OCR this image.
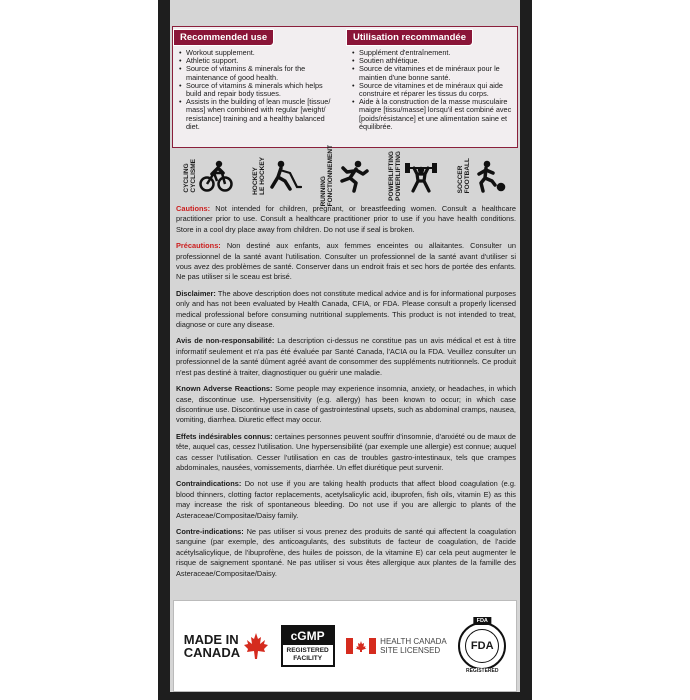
Recommended use
• Workout supplement.
• Athletic support.
• Source of vitamins & minerals for the maintenance of good health.
• Source of vitamins & minerals which helps build and repair body tissues.
• Assists in the building of lean muscle [tissue/ mass] when combined with regular [weight/ resistance] training and a healthy balanced diet.
Utilisation recommandée
• Supplément d'entraînement.
• Soutien athlétique.
• Source de vitamines et de minéraux pour le maintien d'une bonne santé.
• Source de vitamines et de minéraux qui aide construire et réparer les tissus du corps.
• Aide à la construction de la masse musculaire maigre [tissu/masse] lorsqu'il est combiné avec [poids/résistance] et une alimentation saine et équilibrée.
CYCLING
CYCLISME	HOCKEY
LE HOCKEY	RUNNING
FONCTIONNEMENT	POWERLIFTING
POWERLIFTING	SOCCER
FOOTBALL

Cautions: Not intended for children, pregnant, or breastfeeding women. Consult a healthcare practitioner prior to use. Consult a healthcare practitioner prior to use if you have health conditions. Store in a cool dry place away from children. Do not use if seal is broken.

Précautions: Non destiné aux enfants, aux femmes enceintes ou allaitantes. Consulter un professionnel de la santé avant l'utilisation. Consulter un professionnel de la santé avant d'utiliser si vous avez des problèmes de santé. Conserver dans un endroit frais et sec hors de portée des enfants. Ne pas utiliser si le sceau est brisé.

Disclaimer: The above description does not constitute medical advice and is for informational purposes only and has not been evaluated by Health Canada, CFIA, or FDA. Please consult a properly licensed medical professional before consuming nutritional supplements. This product is not intended to treat, diagnose or cure any disease.

Avis de non-responsabilité: La description ci-dessus ne constitue pas un avis médical et est à titre informatif seulement et n'a pas été évaluée par Santé Canada, l'ACIA ou la FDA. Veuillez consulter un professionnel de la santé dûment agréé avant de consommer des suppléments nutritionnels. Ce produit n'est pas destiné à traiter, diagnostiquer ou guérir une maladie.

Known Adverse Reactions: Some people may experience insomnia, anxiety, or headaches, in which case, discontinue use. Hypersensitivity (e.g. allergy) has been known to occur; in which case discontinue use. Discontinue use in case of gastrointestinal upsets, such as abdominal cramps, nausea, vomiting, diarrhea. Diuretic effect may occur.

Effets indésirables connus: certaines personnes peuvent souffrir d'insomnie, d'anxiété ou de maux de tête, auquel cas, cessez l'utilisation. Une hypersensibilité (par exemple une allergie) est connue; auquel cas cesser l'utilisation. Cesser l'utilisation en cas de troubles gastro-intestinaux, tels que crampes abdominales, nausées, vomissements, diarrhée. Un effet diurétique peut survenir.

Contraindications: Do not use if you are taking health products that affect blood coagulation (e.g. blood thinners, clotting factor replacements, acetylsalicylic acid, ibuprofen, fish oils, vitamin E) as this may increase the risk of spontaneous bleeding. Do not use if you are allergic to plants of the Asteraceae/Compositae/Daisy family.

Contre-indications: Ne pas utiliser si vous prenez des produits de santé qui affectent la coagulation sanguine (par exemple, des anticoagulants, des substituts de facteur de coagulation, de l'acide acétylsalicylique, de l'ibuprofène, des huiles de poisson, de la vitamine E) car cela peut augmenter le risque de saignement spontané. Ne pas utiliser si vous êtes allergique aux plantes de la famille des Asteraceae/Compositae/Daisy.

MADE IN
CANADA
cGMP
REGISTERED
FACILITY
HEALTH CANADA
SITE LICENSED
FDA
FDA
REGISTERED
